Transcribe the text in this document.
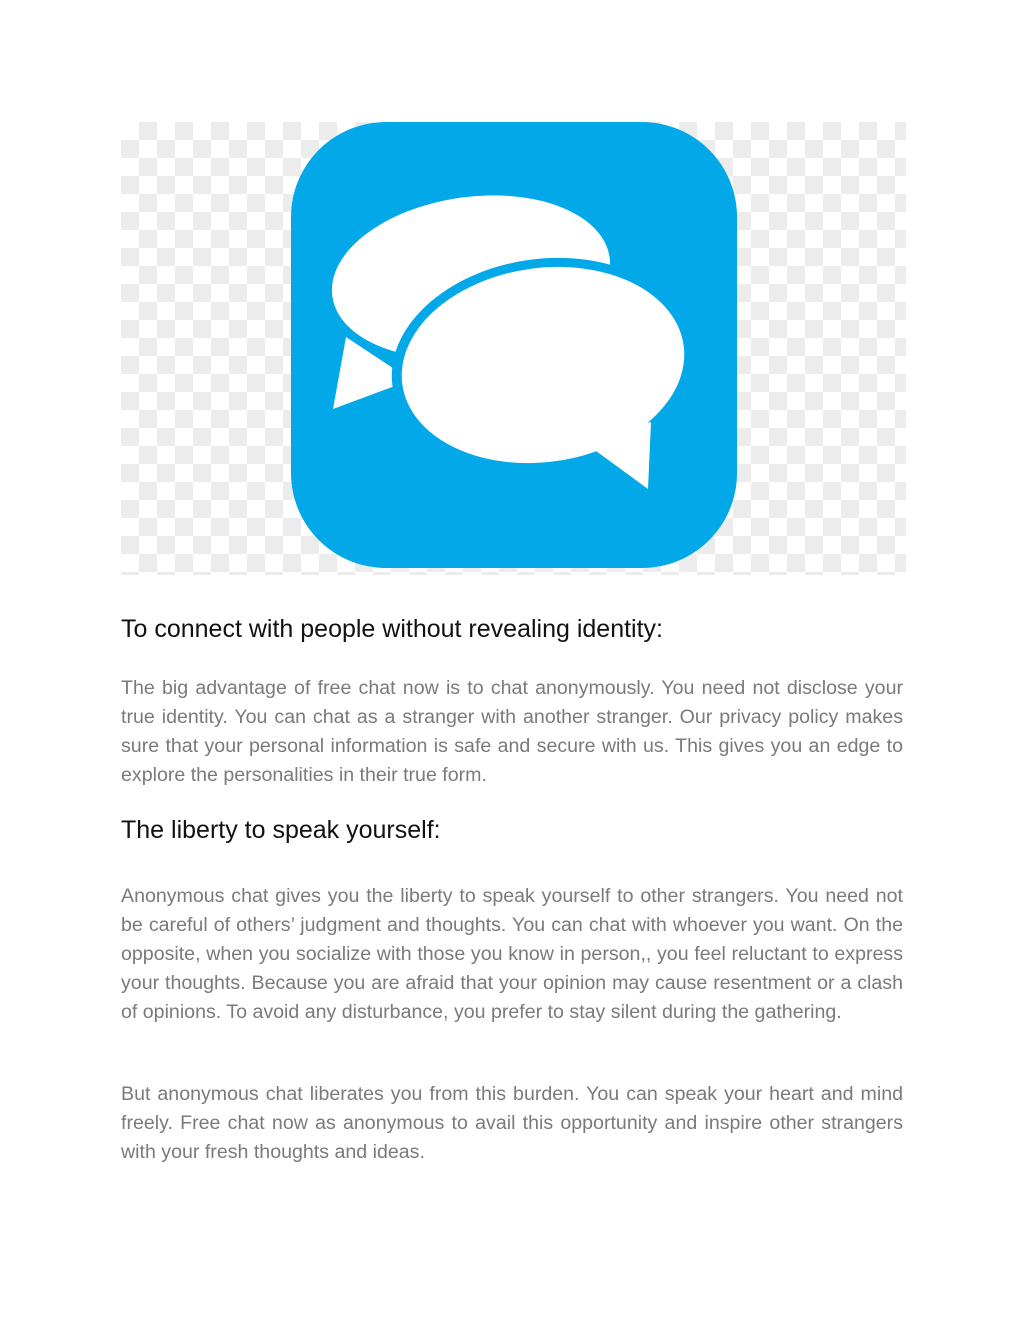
To connect with people without revealing identity:

The big advantage of free chat now is to chat anonymously. You need not disclose your true identity. You can chat as a stranger with another stranger. Our privacy policy makes sure that your personal information is safe and secure with us. This gives you an edge to explore the personalities in their true form.

The liberty to speak yourself:

Anonymous chat gives you the liberty to speak yourself to other strangers. You need not be careful of others’ judgment and thoughts. You can chat with whoever you want. On the opposite, when you socialize with those you know in person,, you feel reluctant to express your thoughts. Because you are afraid that your opinion may cause resentment or a clash of opinions. To avoid any disturbance, you prefer to stay silent during the gathering.

But anonymous chat liberates you from this burden. You can speak your heart and mind freely. Free chat now as anonymous to avail this opportunity and inspire other strangers with your fresh thoughts and ideas.
